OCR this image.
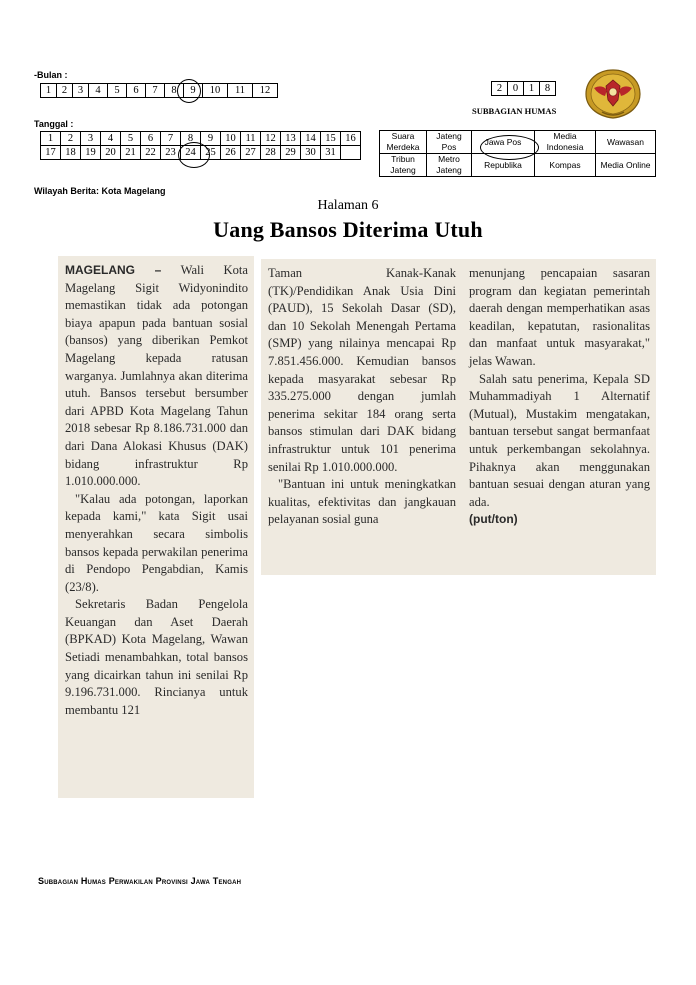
-Bulan :
1	2	3	4	5	6	7	8	9	10	11	12
Tanggal :
1	2	3	4	5	6	7	8	9	10	11	12	13	14	15	16
17	18	19	20	21	22	23	24	25	26	27	28	29	30	31	
2	0	1	8
SUBBAGIAN HUMAS
Suara Merdeka	Jateng Pos	Jawa Pos	Media Indonesia	Wawasan
Tribun Jateng	Metro Jateng	Republika	Kompas	Media Online
Wilayah Berita: Kota Magelang
Halaman 6
Uang Bansos Diterima Utuh

MAGELANG – Wali Kota Magelang Sigit Widyonindito memastikan tidak ada potongan biaya apapun pada bantuan sosial (bansos) yang diberikan Pemkot Magelang kepada ratusan warganya. Jumlahnya akan diterima utuh. Bansos tersebut bersumber dari APBD Kota Magelang Tahun 2018 sebesar Rp 8.186.731.000 dan dari Dana Alokasi Khusus (DAK) bidang infrastruktur Rp 1.010.000.000.

"Kalau ada potongan, laporkan kepada kami," kata Sigit usai menyerahkan secara simbolis bansos kepada perwakilan penerima di Pendopo Pengabdian, Kamis (23/8).

Sekretaris Badan Pengelola Keuangan dan Aset Daerah (BPKAD) Kota Magelang, Wawan Setiadi menambahkan, total bansos yang dicairkan tahun ini senilai Rp 9.196.731.000. Rincianya untuk membantu 121

Taman Kanak-Kanak (TK)/Pendidikan Anak Usia Dini (PAUD), 15 Sekolah Dasar (SD), dan 10 Sekolah Menengah Pertama (SMP) yang nilainya mencapai Rp 7.851.456.000. Kemudian bansos kepada masyarakat sebesar Rp 335.275.000 dengan jumlah penerima sekitar 184 orang serta bansos stimulan dari DAK bidang infrastruktur untuk 101 penerima senilai Rp 1.010.000.000.

"Bantuan ini untuk meningkatkan kualitas, efektivitas dan jangkauan pelayanan sosial guna

menunjang pencapaian sasaran program dan kegiatan pemerintah daerah dengan memperhatikan asas keadilan, kepatutan, rasionalitas dan manfaat untuk masyarakat," jelas Wawan.

Salah satu penerima, Kepala SD Muhammadiyah 1 Alternatif (Mutual), Mustakim mengatakan, bantuan tersebut sangat bermanfaat untuk perkembangan sekolahnya. Pihaknya akan menggunakan bantuan sesuai dengan aturan yang ada.

(put/ton)

Subbagian Humas Perwakilan Provinsi Jawa Tengah
